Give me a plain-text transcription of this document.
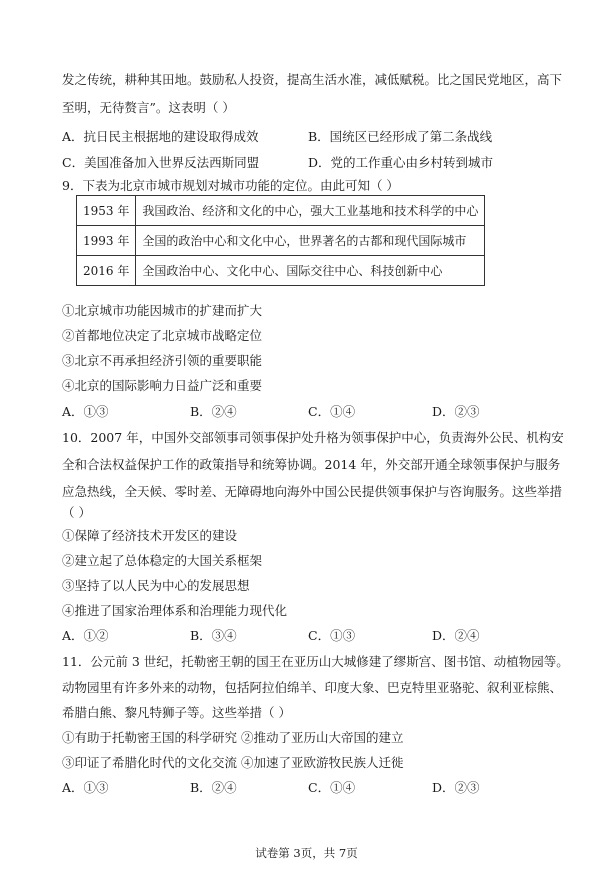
发之传统，耕种其田地。鼓励私人投资，提高生活水准，减低赋税。比之国民党地区，高下
至明，无待赘言”。这表明（ ）
A．抗日民主根据地的建设取得成效	B．国统区已经形成了第二条战线
C．美国准备加入世界反法西斯同盟	D．党的工作重心由乡村转到城市
9．下表为北京市城市规划对城市功能的定位。由此可知（ ）
1953 年	我国政治、经济和文化的中心，强大工业基地和技术科学的中心
1993 年	全国的政治中心和文化中心，世界著名的古都和现代国际城市
2016 年	全国政治中心、文化中心、国际交往中心、科技创新中心
①北京城市功能因城市的扩建而扩大
②首都地位决定了北京城市战略定位
③北京不再承担经济引领的重要职能
④北京的国际影响力日益广泛和重要
A．①③	B．②④	C．①④	D．②③
10．2007 年，中国外交部领事司领事保护处升格为领事保护中心，负责海外公民、机构安
全和合法权益保护工作的政策指导和统筹协调。2014 年，外交部开通全球领事保护与服务
应急热线，全天候、零时差、无障碍地向海外中国公民提供领事保护与咨询服务。这些举措
（ ）
①保障了经济技术开发区的建设
②建立起了总体稳定的大国关系框架
③坚持了以人民为中心的发展思想
④推进了国家治理体系和治理能力现代化
A．①②	B．③④	C．①③	D．②④
11．公元前 3 世纪，托勒密王朝的国王在亚历山大城修建了缪斯宫、图书馆、动植物园等。
动物园里有许多外来的动物，包括阿拉伯绵羊、印度大象、巴克特里亚骆驼、叙利亚棕熊、
希腊白熊、黎凡特狮子等。这些举措（ ）
①有助于托勒密王国的科学研究 ②推动了亚历山大帝国的建立
③印证了希腊化时代的文化交流 ④加速了亚欧游牧民族人迁徙
A．①③	B．②④	C．①④	D．②③
试卷第 3页，共 7页
